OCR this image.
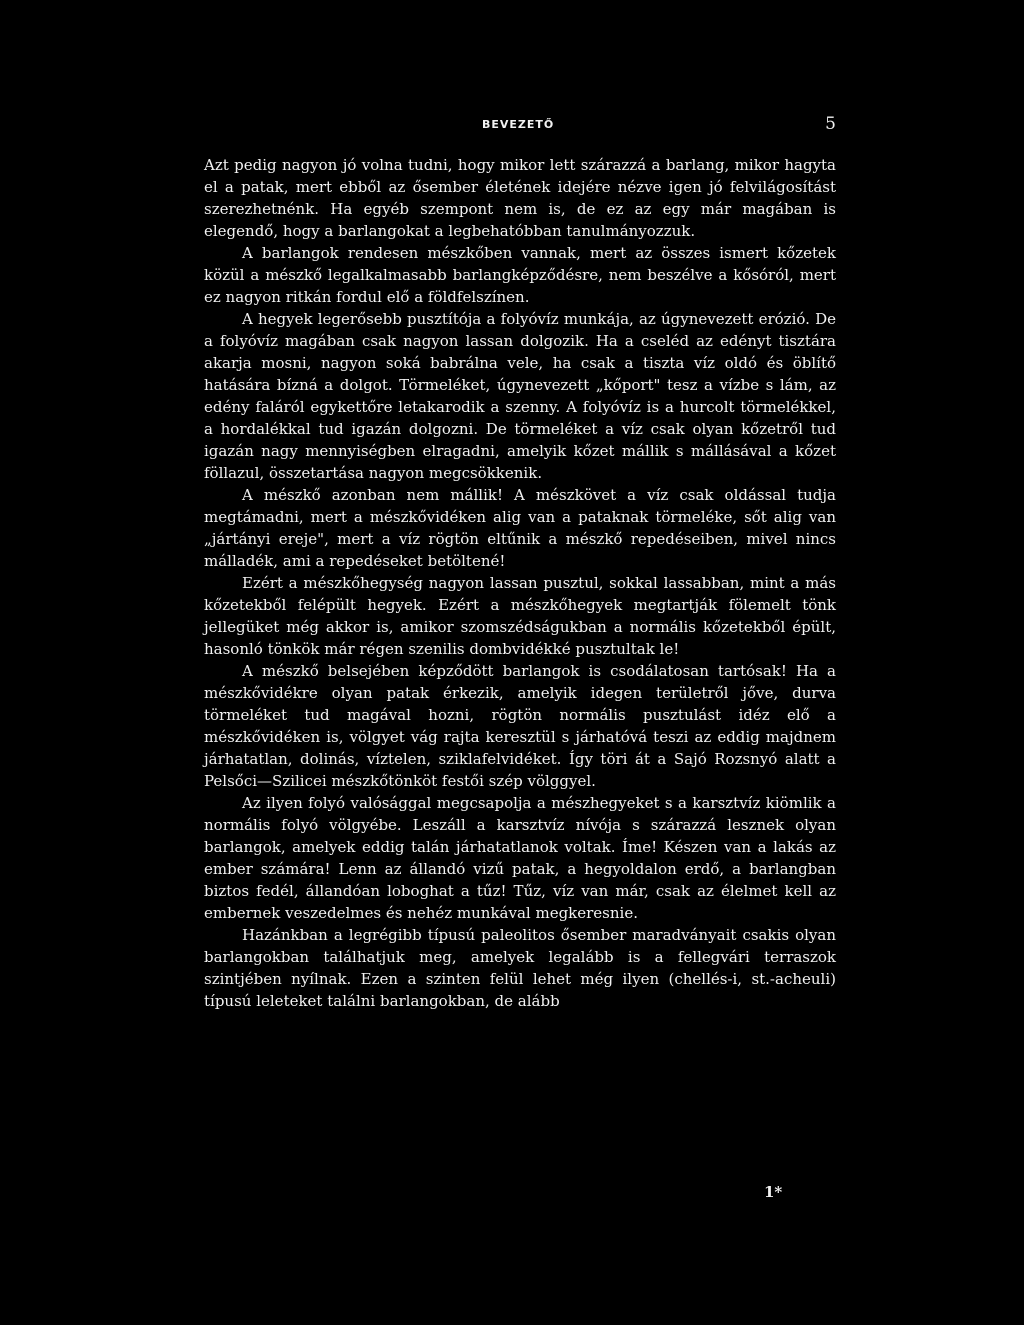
BEVEZETŐ	5

Azt pedig nagyon jó volna tudni, hogy mikor lett szárazzá a barlang, mikor hagyta el a patak, mert ebből az ősember életének idejére nézve igen jó felvilágosítást szerezhetnénk. Ha egyéb szempont nem is, de ez az egy már magában is elegendő, hogy a barlangokat a legbehatóbban tanulmányozzuk.

A barlangok rendesen mészkőben vannak, mert az összes ismert kőzetek közül a mészkő legalkalmasabb barlangképződésre, nem beszélve a kősóról, mert ez nagyon ritkán fordul elő a földfelszínen.

A hegyek legerősebb pusztítója a folyóvíz munkája, az úgynevezett erózió. De a folyóvíz magában csak nagyon lassan dolgozik. Ha a cseléd az edényt tisztára akarja mosni, nagyon soká babrálna vele, ha csak a tiszta víz oldó és öblítő hatására bízná a dolgot. Törmeléket, úgynevezett „kőport" tesz a vízbe s lám, az edény faláról egykettőre letakarodik a szenny. A folyóvíz is a hurcolt törmelékkel, a hordalékkal tud igazán dolgozni. De törmeléket a víz csak olyan kőzetről tud igazán nagy mennyiségben elragadni, amelyik kőzet mállik s mállásával a kőzet föllazul, összetartása nagyon megcsökkenik.

A mészkő azonban nem mállik! A mészkövet a víz csak oldással tudja megtámadni, mert a mészkővidéken alig van a pataknak törmeléke, sőt alig van „jártányi ereje", mert a víz rögtön eltűnik a mészkő repedéseiben, mivel nincs málladék, ami a repedéseket betöltené!

Ezért a mészkőhegység nagyon lassan pusztul, sokkal lassabban, mint a más kőzetekből felépült hegyek. Ezért a mészkőhegyek megtartják fölemelt tönk jellegüket még akkor is, amikor szomszédságukban a normális kőzetekből épült, hasonló tönkök már régen szenilis dombvidékké pusztultak le!

A mészkő belsejében képződött barlangok is csodálatosan tartósak! Ha a mészkővidékre olyan patak érkezik, amelyik idegen területről jőve, durva törmeléket tud magával hozni, rögtön normális pusztulást idéz elő a mészkővidéken is, völgyet vág rajta keresztül s járhatóvá teszi az eddig majdnem járhatatlan, dolinás, víztelen, sziklafelvidéket. Így töri át a Sajó Rozsnyó alatt a Pelsőci—Szilicei mészkőtönköt festői szép völggyel.

Az ilyen folyó valósággal megcsapolja a mészhegyeket s a karsztvíz kiömlik a normális folyó völgyébe. Leszáll a karsztvíz nívója s szárazzá lesznek olyan barlangok, amelyek eddig talán járhatatlanok voltak. Íme! Készen van a lakás az ember számára! Lenn az állandó vizű patak, a hegyoldalon erdő, a barlangban biztos fedél, állandóan loboghat a tűz! Tűz, víz van már, csak az élelmet kell az embernek veszedelmes és nehéz munkával megkeresnie.

Hazánkban a legrégibb típusú paleolitos ősember maradványait csakis olyan barlangokban találhatjuk meg, amelyek legalább is a fellegvári terraszok szintjében nyílnak. Ezen a szinten felül lehet még ilyen (chellés-i, st.-acheuli) típusú leleteket találni barlangokban, de alább

1*
